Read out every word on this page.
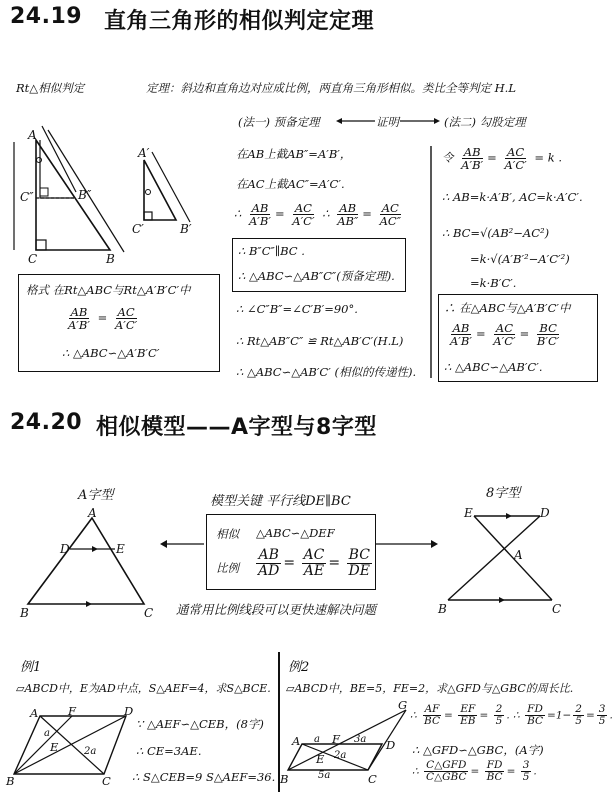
24.19 直角三角形的相似判定定理
Rt△相似判定	定理：斜边和直角边对应成比例，两直角三角形相似。类比全等判定 H.L
A
C″	B″
C	B
A′
C′	B′
格式 在Rt△ABC与Rt△A′B′C′中
$\frac{AB}{A'B'} = \frac{AC}{A'C'}$
∴ △ABC∽△A′B′C′
(法一) 预备定理	证明	(法二) 勾股定理
在AB上截AB″=A′B′，
在AC上截AC″=A′C′.
∴ $\frac{AB}{A'B'} = \frac{AC}{A'C'}$ ∴ $\frac{AB}{AB''} = \frac{AC}{AC''}$
∴ B″C″∥BC .
∴ △ABC∽△AB″C″(预备定理).
∴ ∠C″B″=∠C′B′=90°.
∴ Rt△AB″C″ ≌ Rt△AB′C′(H.L)
∴ △ABC∽△AB′C′ (相似的传递性).
令 $\frac{AB}{A'B'} = \frac{AC}{A'C'} = k$ .
∴ AB=k·A′B′, AC=k·A′C′.
∴ BC=√(AB²−AC²)
=k·√(A′B′²−A′C′²)
=k·B′C′.
∴ 在△ABC与△A′B′C′中
$\frac{AB}{A'B'} = \frac{AC}{A'C'} = \frac{BC}{B'C'}$
∴ △ABC∽△AB′C′.
24.20 相似模型——A字型与8字型
A字型	8字型
模型关键 平行线DE∥BC
A
D	E
B	C
E	D
A
B	C
相似 △ABC∽△DEF
比例 $\frac{AB}{AD} = \frac{AC}{AE} = \frac{BC}{DE}$
通常用比例线段可以更快速解决问题
例1
▱ABCD中，E为AD中点，S△AEF=4，求S△BCE.
A	F	D
E
B	C
a
2a
∵ △AEF∽△CEB，(8字)
∴ CE=3AE.
∴ S△CEB=9 S△AEF=36.
例2
▱ABCD中，BE=5，FE=2，求△GFD与△GBC的周长比.
G
A	F	D
E
B	C
a	3a
2a
5a
∴ $\frac{AF}{BC} = \frac{EF}{EB} = \frac{2}{5}$ . ∴ $\frac{FD}{BC} =1- \frac{2}{5} = \frac{3}{5}$ .
∴ △GFD∽△GBC，(A字)
∴ $\frac{\text{C△GFD}}{\text{C△GBC}} = \frac{FD}{BC} = \frac{3}{5}$ .
